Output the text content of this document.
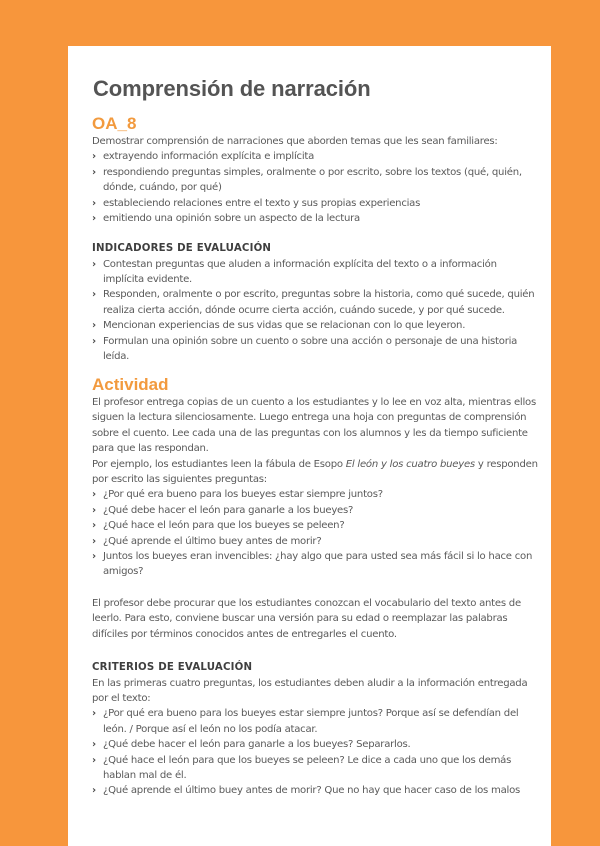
Comprensión de narración
OA_8

Demostrar comprensión de narraciones que aborden temas que les sean familiares:

› extrayendo información explícita e implícita
› respondiendo preguntas simples, oralmente o por escrito, sobre los textos (qué, quién, dónde, cuándo, por qué)
› estableciendo relaciones entre el texto y sus propias experiencias
› emitiendo una opinión sobre un aspecto de la lectura
INDICADORES DE EVALUACIÓN
› Contestan preguntas que aluden a información explícita del texto o a información implícita evidente.
› Responden, oralmente o por escrito, preguntas sobre la historia, como qué sucede, quién realiza cierta acción, dónde ocurre cierta acción, cuándo sucede, y por qué sucede.
› Mencionan experiencias de sus vidas que se relacionan con lo que leyeron.
› Formulan una opinión sobre un cuento o sobre una acción o personaje de una historia leída.
Actividad

El profesor entrega copias de un cuento a los estudiantes y lo lee en voz alta, mientras ellos siguen la lectura silenciosamente. Luego entrega una hoja con preguntas de comprensión sobre el cuento. Lee cada una de las preguntas con los alumnos y les da tiempo suficiente para que las respondan.

Por ejemplo, los estudiantes leen la fábula de Esopo El león y los cuatro bueyes y responden por escrito las siguientes preguntas:

› ¿Por qué era bueno para los bueyes estar siempre juntos?
› ¿Qué debe hacer el león para ganarle a los bueyes?
› ¿Qué hace el león para que los bueyes se peleen?
› ¿Qué aprende el último buey antes de morir?
› Juntos los bueyes eran invencibles: ¿hay algo que para usted sea más fácil si lo hace con amigos?

El profesor debe procurar que los estudiantes conozcan el vocabulario del texto antes de leerlo. Para esto, conviene buscar una versión para su edad o reemplazar las palabras difíciles por términos conocidos antes de entregarles el cuento.

CRITERIOS DE EVALUACIÓN

En las primeras cuatro preguntas, los estudiantes deben aludir a la información entregada por el texto:

› ¿Por qué era bueno para los bueyes estar siempre juntos? Porque así se defendían del león. / Porque así el león no los podía atacar.
› ¿Qué debe hacer el león para ganarle a los bueyes? Separarlos.
› ¿Qué hace el león para que los bueyes se peleen? Le dice a cada uno que los demás hablan mal de él.
› ¿Qué aprende el último buey antes de morir? Que no hay que hacer caso de los malos
